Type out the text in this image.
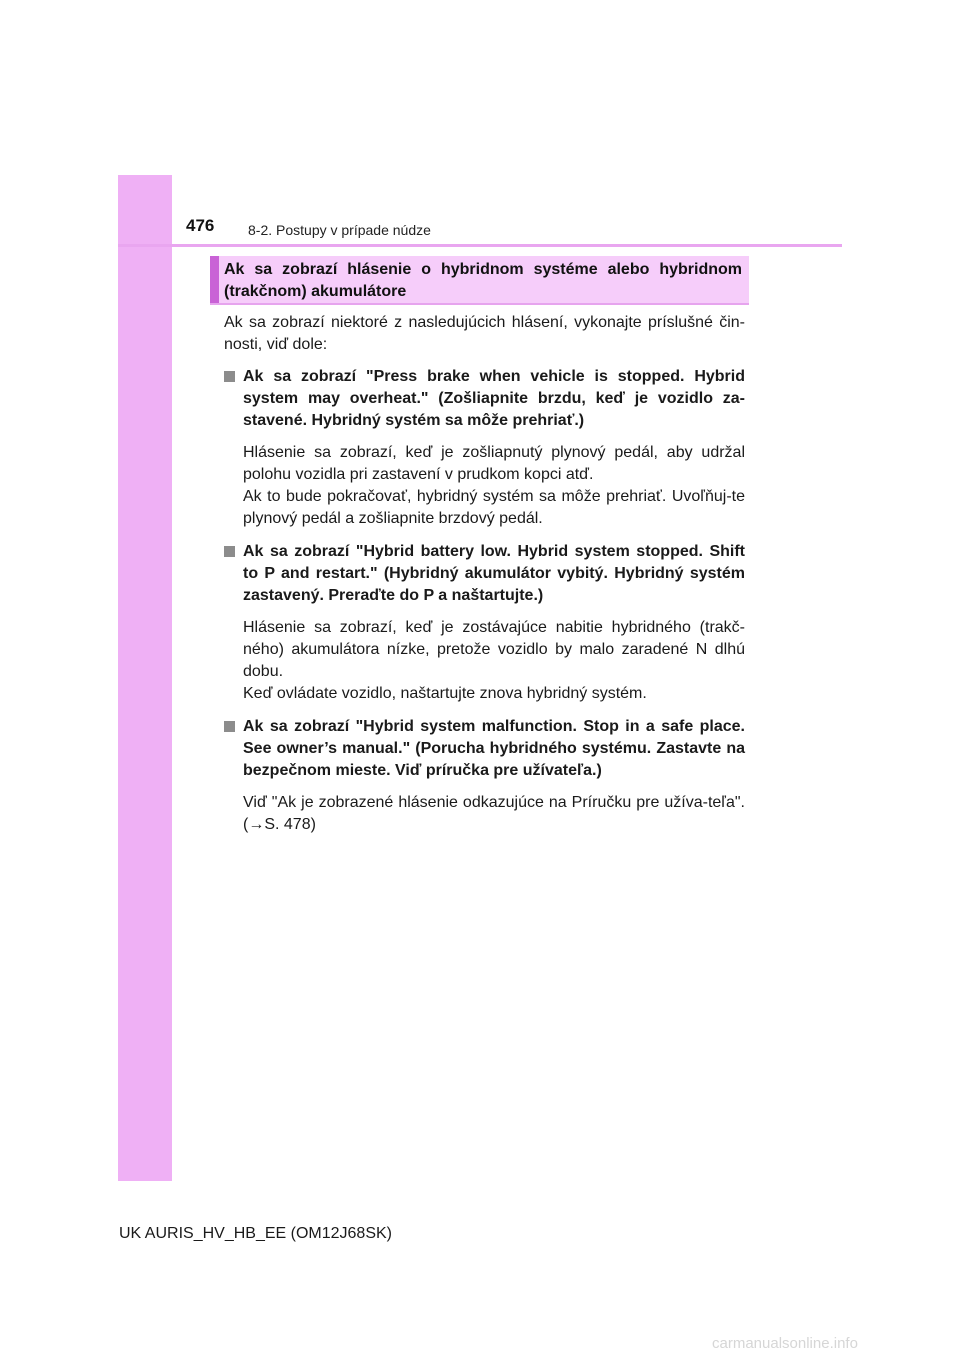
476 8-2. Postupy v prípade núdze
Ak sa zobrazí hlásenie o hybridnom systéme alebo hybridnom (trakčnom) akumulátore

Ak sa zobrazí niektoré z nasledujúcich hlásení, vykonajte príslušné čin-nosti, viď dole:

Ak sa zobrazí "Press brake when vehicle is stopped. Hybrid system may overheat." (Zošliapnite brzdu, keď je vozidlo za-stavené. Hybridný systém sa môže prehriať.)

Hlásenie sa zobrazí, keď je zošliapnutý plynový pedál, aby udržal polohu vozidla pri zastavení v prudkom kopci atď.

Ak to bude pokračovať, hybridný systém sa môže prehriať. Uvoľňuj-te plynový pedál a zošliapnite brzdový pedál.

Ak sa zobrazí "Hybrid battery low. Hybrid system stopped. Shift to P and restart." (Hybridný akumulátor vybitý. Hybridný systém zastavený. Preraďte do P a naštartujte.)

Hlásenie sa zobrazí, keď je zostávajúce nabitie hybridného (trakč-ného) akumulátora nízke, pretože vozidlo by malo zaradené N dlhú dobu.

Keď ovládate vozidlo, naštartujte znova hybridný systém.

Ak sa zobrazí "Hybrid system malfunction. Stop in a safe place. See owner’s manual." (Porucha hybridného systému. Zastavte na bezpečnom mieste. Viď príručka pre užívateľa.)

Viď "Ak je zobrazené hlásenie odkazujúce na Príručku pre užíva-teľa". (→S. 478)

UK AURIS_HV_HB_EE (OM12J68SK)
carmanualsonline.info
